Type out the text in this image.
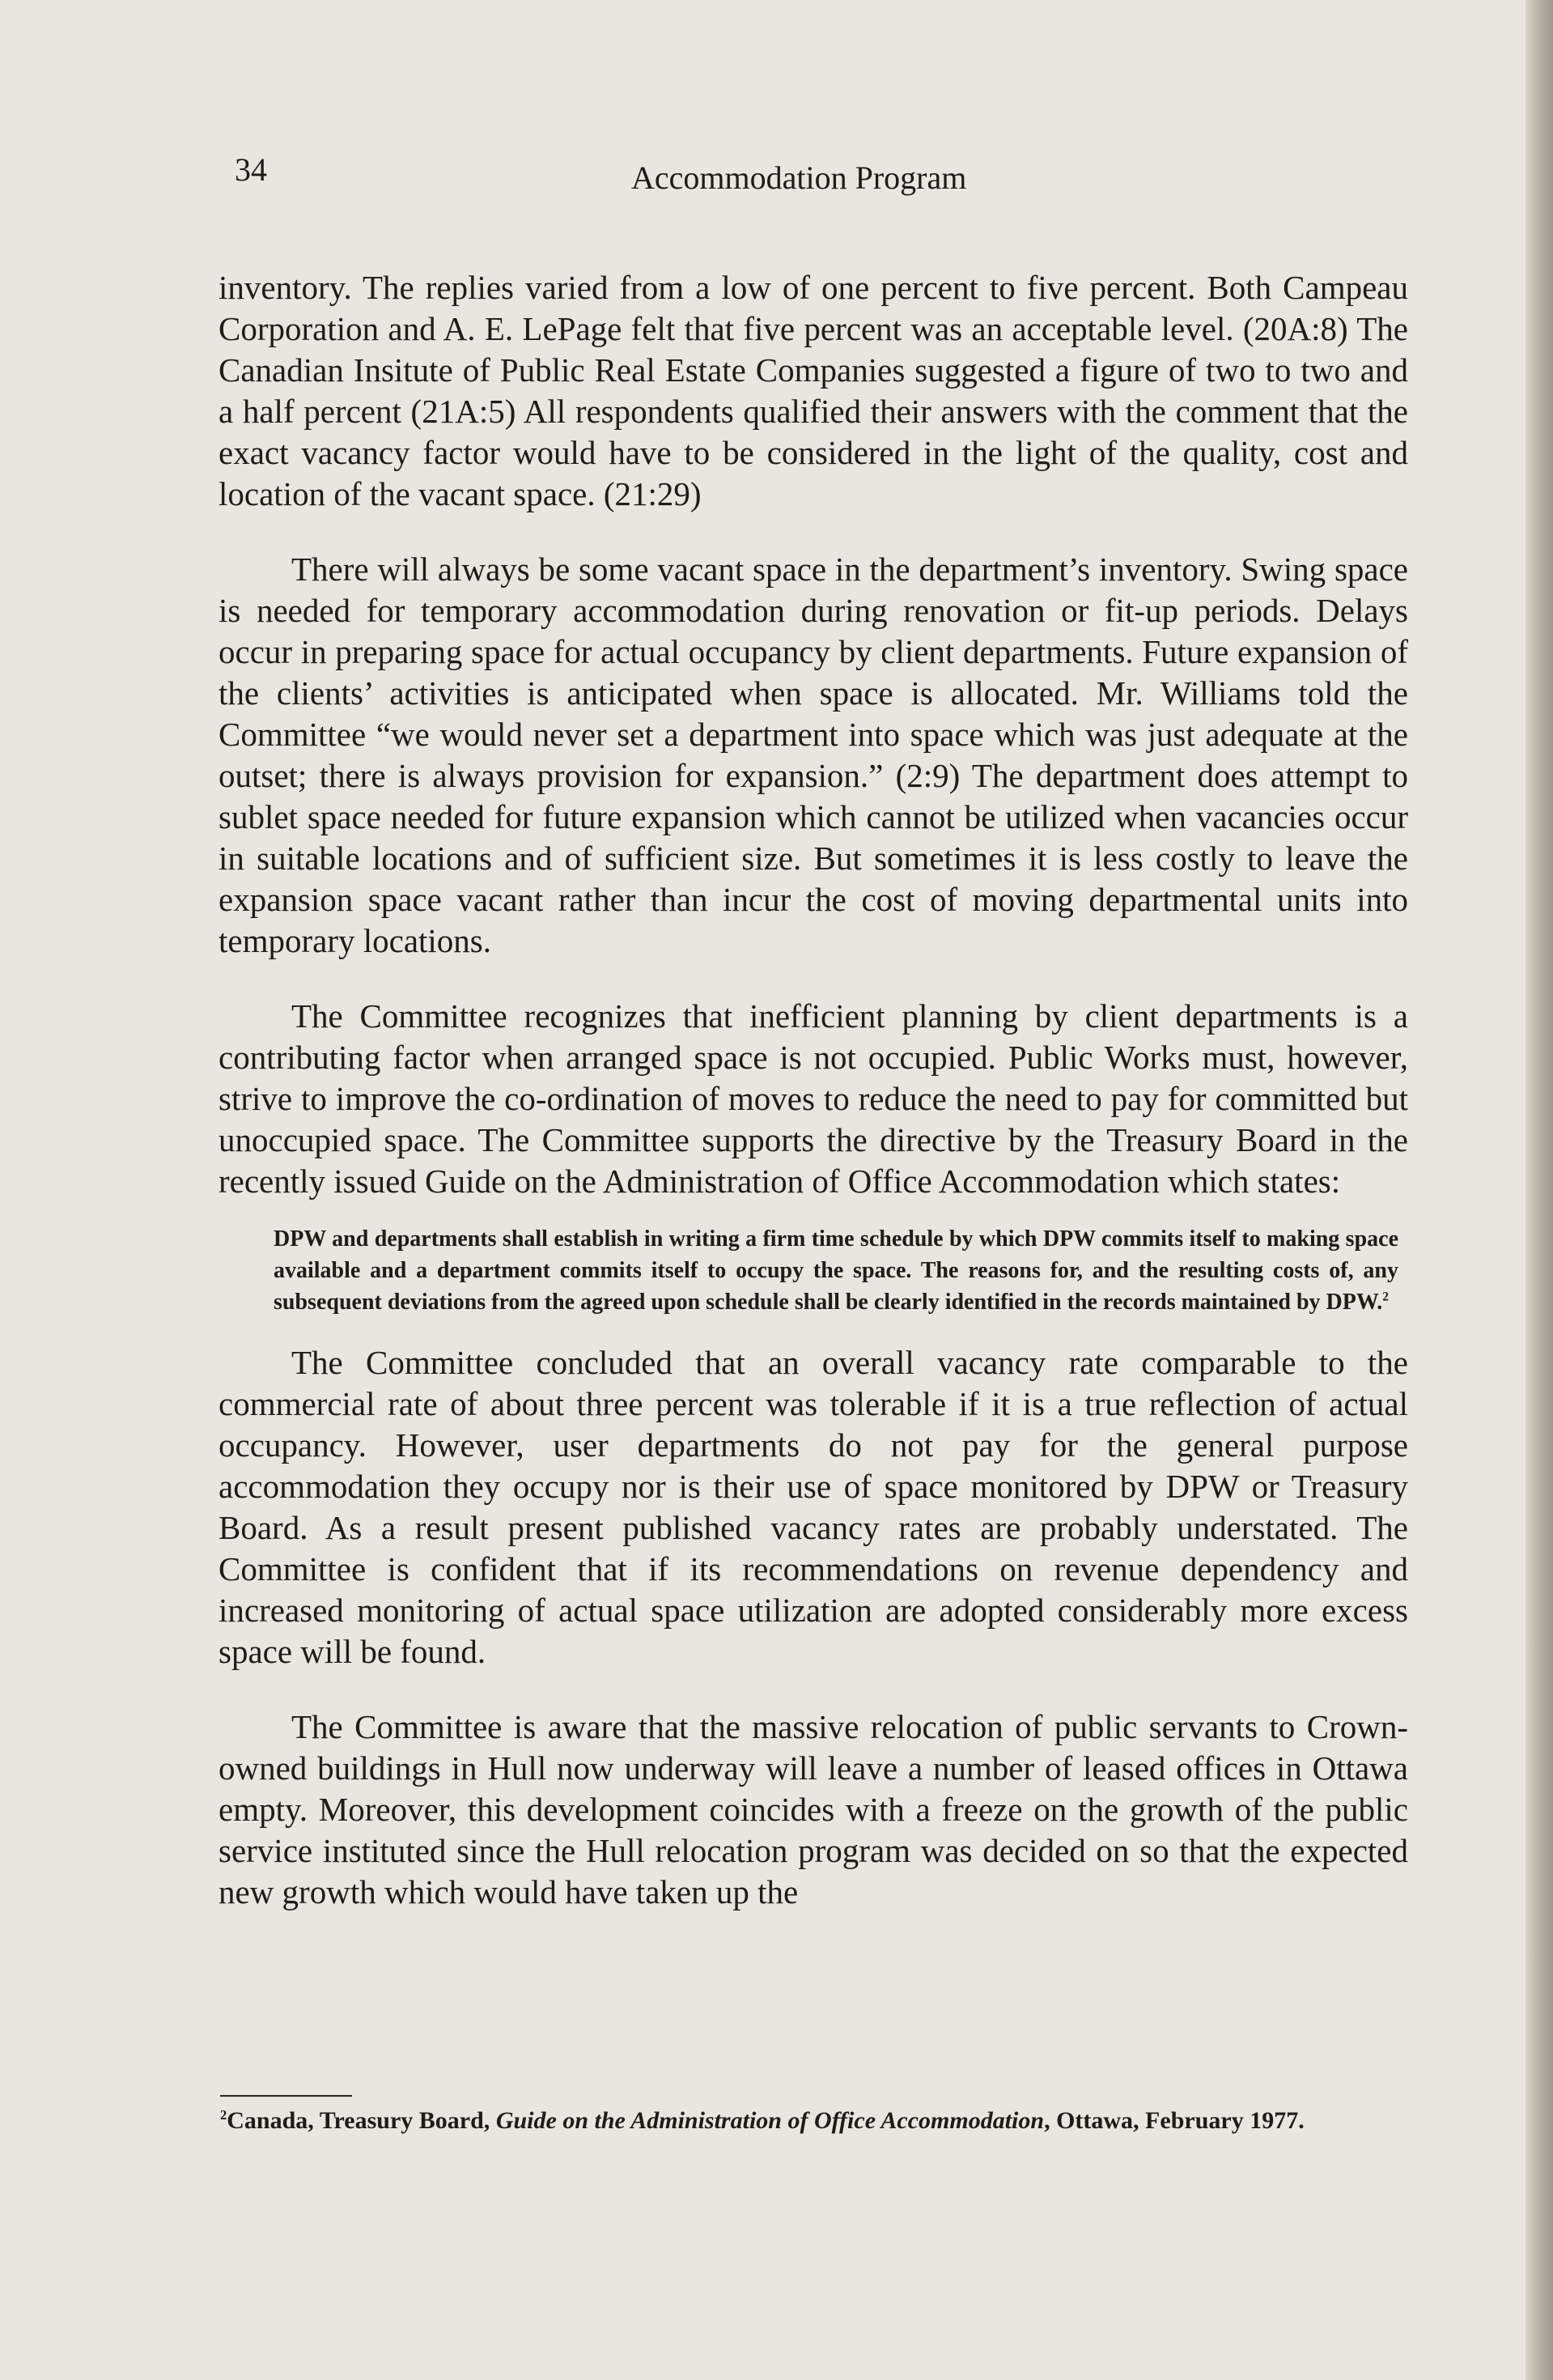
34	Accommodation Program

inventory. The replies varied from a low of one percent to five percent. Both Campeau Corporation and A. E. LePage felt that five percent was an acceptable level. (20A:8) The Canadian Insitute of Public Real Estate Companies suggested a figure of two to two and a half percent (21A:5) All respondents qualified their answers with the comment that the exact vacancy factor would have to be considered in the light of the quality, cost and location of the vacant space. (21:29)

There will always be some vacant space in the department’s inventory. Swing space is needed for temporary accommodation during renovation or fit-up periods. Delays occur in preparing space for actual occupancy by client departments. Future expansion of the clients’ activities is anticipated when space is allocated. Mr. Williams told the Committee “we would never set a department into space which was just adequate at the outset; there is always provision for expansion.” (2:9) The department does attempt to sublet space needed for future expansion which cannot be utilized when vacancies occur in suitable locations and of sufficient size. But sometimes it is less costly to leave the expansion space vacant rather than incur the cost of moving departmental units into temporary locations.

The Committee recognizes that inefficient planning by client departments is a contributing factor when arranged space is not occupied. Public Works must, however, strive to improve the co-ordination of moves to reduce the need to pay for committed but unoccupied space. The Committee supports the directive by the Treasury Board in the recently issued Guide on the Administration of Office Accommodation which states:

DPW and departments shall establish in writing a firm time schedule by which DPW commits itself to making space available and a department commits itself to occupy the space. The reasons for, and the resulting costs of, any subsequent deviations from the agreed upon schedule shall be clearly identified in the records maintained by DPW.$^2$

The Committee concluded that an overall vacancy rate comparable to the commercial rate of about three percent was tolerable if it is a true reflection of actual occupancy. However, user departments do not pay for the general purpose accommodation they occupy nor is their use of space monitored by DPW or Treasury Board. As a result present published vacancy rates are probably understated. The Committee is confident that if its recommendations on revenue dependency and increased monitoring of actual space utilization are adopted considerably more excess space will be found.

The Committee is aware that the massive relocation of public servants to Crown-owned buildings in Hull now underway will leave a number of leased offices in Ottawa empty. Moreover, this development coincides with a freeze on the growth of the public service instituted since the Hull relocation program was decided on so that the expected new growth which would have taken up the

$^2$Canada, Treasury Board, Guide on the Administration of Office Accommodation, Ottawa, February 1977.
